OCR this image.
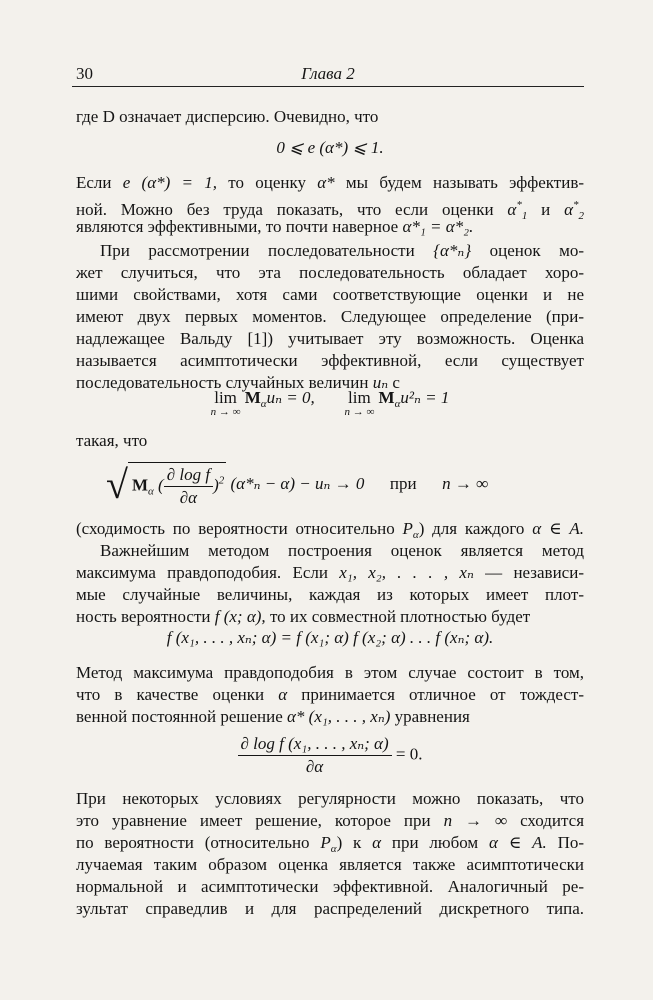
30	Глава 2
где D означает дисперсию. Очевидно, что
0 ⩽ e (α*) ⩽ 1.
Если e (α*) = 1, то оценку α* мы будем называть эффектив-
ной. Можно без труда показать, что если оценки $\alpha^*_1$ и $\alpha^*_2$
являются эффективными, то почти наверное α*₁ = α*₂.
При рассмотрении последовательности {α*ₙ} оценок мо-
жет случиться, что эта последовательность обладает хоро-
шими свойствами, хотя сами соответствующие оценки и не
имеют двух первых моментов. Следующее определение (при-
надлежащее Вальду [1]) учитывает эту возможность. Оценка
называется асимптотически эффективной, если существует
последовательность случайных величин uₙ с
lim
n → ∞
$M_\alpha u_n = 0$, lim
n → ∞
$M_\alpha u^2_n = 1$
такая, что
√ $M_\alpha$ ( $\frac{\text{∂ log f}}{\partial\alpha} )^2$ (α*ₙ − α) − uₙ → 0 при n → ∞
(сходимость по вероятности относительно $P_\alpha$) для каждого α ∈ A.
Важнейшим методом построения оценок является метод
максимума правдоподобия. Если x₁, x₂, . . . , xₙ — независи-
мые случайные величины, каждая из которых имеет плот-
ность вероятности f (x; α), то их совместной плотностью будет
f (x₁, . . . , xₙ; α) = f (x₁; α) f (x₂; α) . . . f (xₙ; α).
Метод максимума правдоподобия в этом случае состоит в том,
что в качестве оценки α принимается отличное от тождест-
венной постоянной решение α* (x₁, . . . , xₙ) уравнения
$\frac{\text{∂ log f (x₁, . . . , xₙ; α)}}{\partial\alpha} = 0$.
При некоторых условиях регулярности можно показать, что
это уравнение имеет решение, которое при n → ∞ сходится
по вероятности (относительно $P_\alpha$) к α при любом α ∈ A. По-
лучаемая таким образом оценка является также асимптотически
нормальной и асимптотически эффективной. Аналогичный ре-
зультат справедлив и для распределений дискретного типа.
